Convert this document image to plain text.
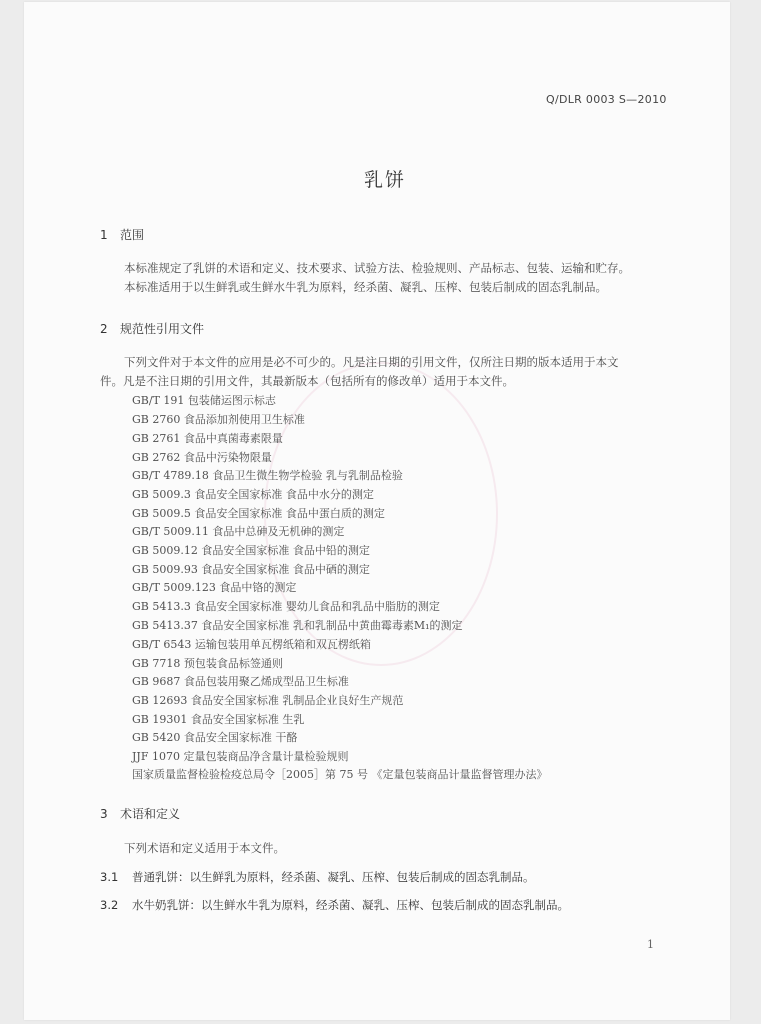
Q/DLR 0003 S—2010
乳饼
1 范围
本标准规定了乳饼的术语和定义、技术要求、试验方法、检验规则、产品标志、包装、运输和贮存。
本标准适用于以生鲜乳或生鲜水牛乳为原料，经杀菌、凝乳、压榨、包装后制成的固态乳制品。
2 规范性引用文件
下列文件对于本文件的应用是必不可少的。凡是注日期的引用文件，仅所注日期的版本适用于本文
件。凡是不注日期的引用文件，其最新版本（包括所有的修改单）适用于本文件。
GB/T 191 包装储运图示标志
GB 2760 食品添加剂使用卫生标准
GB 2761 食品中真菌毒素限量
GB 2762 食品中污染物限量
GB/T 4789.18 食品卫生微生物学检验 乳与乳制品检验
GB 5009.3 食品安全国家标准 食品中水分的测定
GB 5009.5 食品安全国家标准 食品中蛋白质的测定
GB/T 5009.11 食品中总砷及无机砷的测定
GB 5009.12 食品安全国家标准 食品中铅的测定
GB 5009.93 食品安全国家标准 食品中硒的测定
GB/T 5009.123 食品中铬的测定
GB 5413.3 食品安全国家标准 婴幼儿食品和乳品中脂肪的测定
GB 5413.37 食品安全国家标准 乳和乳制品中黄曲霉毒素M₁的测定
GB/T 6543 运输包装用单瓦楞纸箱和双瓦楞纸箱
GB 7718 预包装食品标签通则
GB 9687 食品包装用聚乙烯成型品卫生标准
GB 12693 食品安全国家标准 乳制品企业良好生产规范
GB 19301 食品安全国家标准 生乳
GB 5420 食品安全国家标准 干酪
JJF 1070 定量包装商品净含量计量检验规则
国家质量监督检验检疫总局令［2005］第 75 号 《定量包装商品计量监督管理办法》
3 术语和定义
下列术语和定义适用于本文件。
3.1 普通乳饼：以生鲜乳为原料，经杀菌、凝乳、压榨、包装后制成的固态乳制品。
3.2 水牛奶乳饼：以生鲜水牛乳为原料，经杀菌、凝乳、压榨、包装后制成的固态乳制品。
1
